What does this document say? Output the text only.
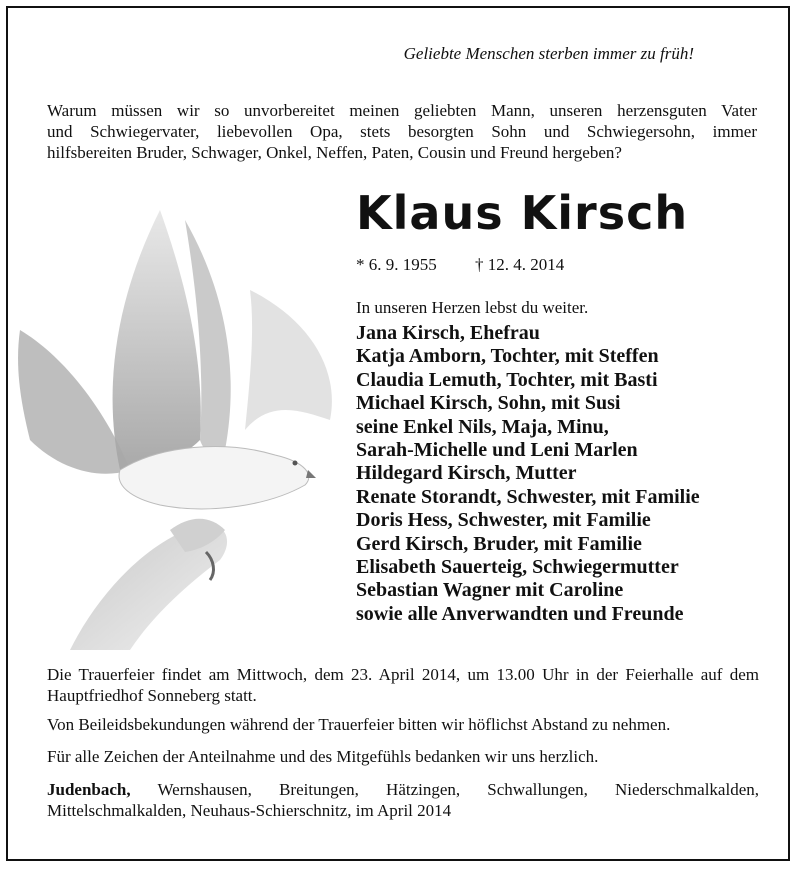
Geliebte Menschen sterben immer zu früh!
Warum müssen wir so unvorbereitet meinen geliebten Mann, unseren herzensguten Vater
und Schwiegervater, liebevollen Opa, stets besorgten Sohn und Schwiegersohn, immer
hilfsbereiten Bruder, Schwager, Onkel, Neffen, Paten, Cousin und Freund hergeben?
Klaus Kirsch
* 6. 9. 1955 † 12. 4. 2014
In unseren Herzen lebst du weiter.
Jana Kirsch, Ehefrau
Katja Amborn, Tochter, mit Steffen
Claudia Lemuth, Tochter, mit Basti
Michael Kirsch, Sohn, mit Susi
seine Enkel Nils, Maja, Minu,
Sarah-Michelle und Leni Marlen
Hildegard Kirsch, Mutter
Renate Storandt, Schwester, mit Familie
Doris Hess, Schwester, mit Familie
Gerd Kirsch, Bruder, mit Familie
Elisabeth Sauerteig, Schwiegermutter
Sebastian Wagner mit Caroline
sowie alle Anverwandten und Freunde
Die Trauerfeier findet am Mittwoch, dem 23. April 2014, um 13.00 Uhr in der Feierhalle auf dem Hauptfriedhof Sonneberg statt.
Von Beileidsbekundungen während der Trauerfeier bitten wir höflichst Abstand zu nehmen.
Für alle Zeichen der Anteilnahme und des Mitgefühls bedanken wir uns herzlich.
Judenbach, Wernshausen, Breitungen, Hätzingen, Schwallungen, Niederschmalkalden, Mittelschmalkalden, Neuhaus-Schierschnitz, im April 2014
